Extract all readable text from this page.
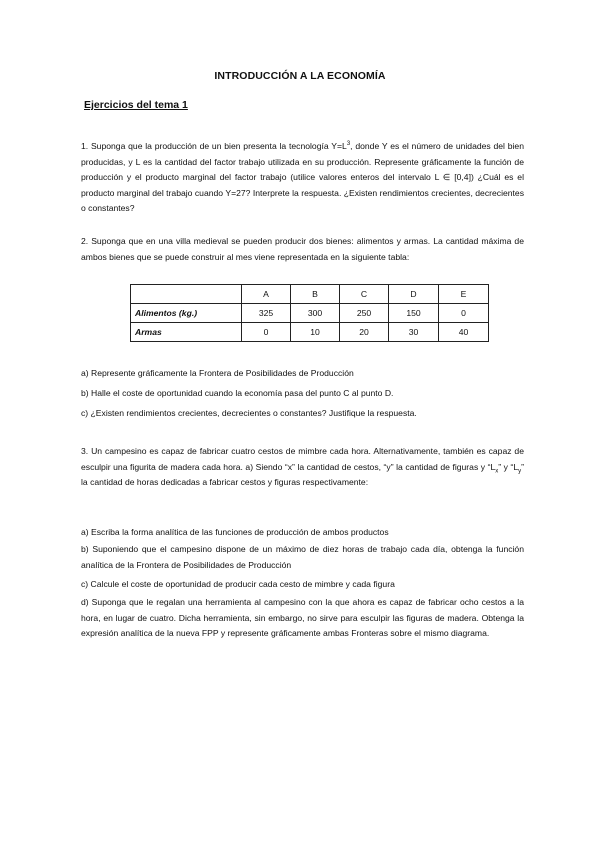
INTRODUCCIÓN A LA ECONOMÍA
Ejercicios del tema 1
1. Suponga que la producción de un bien presenta la tecnología $Y=L^3$, donde Y es el número de unidades del bien producidas, y L es la cantidad del factor trabajo utilizada en su producción. Represente gráficamente la función de producción y el producto marginal del factor trabajo (utilice valores enteros del intervalo L ∈ [0,4]) ¿Cuál es el producto marginal del trabajo cuando Y=27? Interprete la respuesta. ¿Existen rendimientos crecientes, decrecientes o constantes?
2. Suponga que en una villa medieval se pueden producir dos bienes: alimentos y armas. La cantidad máxima de ambos bienes que se puede construir al mes viene representada en la siguiente tabla:
	A	B	C	D	E
Alimentos (kg.)	325	300	250	150	0
Armas	0	10	20	30	40
a) Represente gráficamente la Frontera de Posibilidades de Producción
b) Halle el coste de oportunidad cuando la economía pasa del punto C al punto D.
c) ¿Existen rendimientos crecientes, decrecientes o constantes? Justifique la respuesta.
3. Un campesino es capaz de fabricar cuatro cestos de mimbre cada hora. Alternativamente, también es capaz de esculpir una figurita de madera cada hora. a) Siendo “x” la cantidad de cestos, “y” la cantidad de figuras y “$L_x$” y “$L_y$” la cantidad de horas dedicadas a fabricar cestos y figuras respectivamente:
a) Escriba la forma analítica de las funciones de producción de ambos productos
b) Suponiendo que el campesino dispone de un máximo de diez horas de trabajo cada día, obtenga la función analítica de la Frontera de Posibilidades de Producción
c) Calcule el coste de oportunidad de producir cada cesto de mimbre y cada figura
d) Suponga que le regalan una herramienta al campesino con la que ahora es capaz de fabricar ocho cestos a la hora, en lugar de cuatro. Dicha herramienta, sin embargo, no sirve para esculpir las figuras de madera. Obtenga la expresión analítica de la nueva FPP y represente gráficamente ambas Fronteras sobre el mismo diagrama.
